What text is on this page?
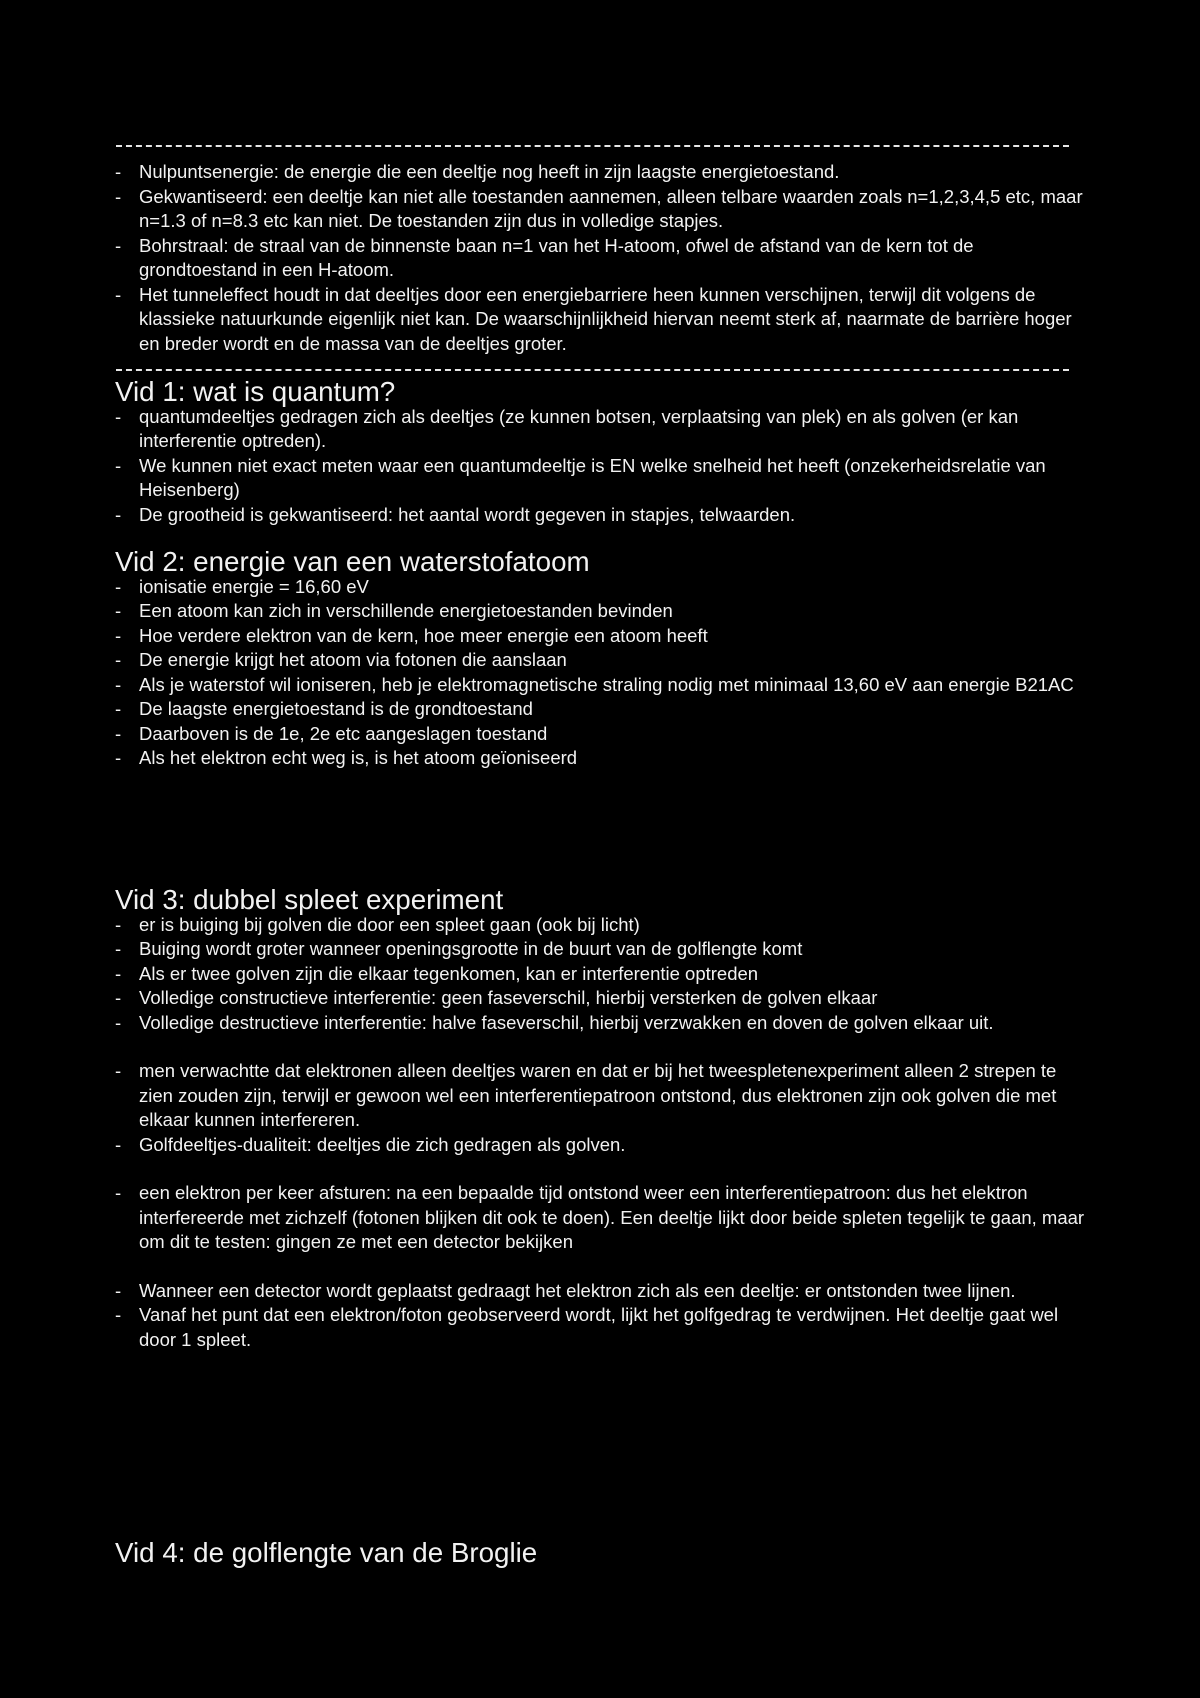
- Nulpuntsenergie: de energie die een deeltje nog heeft in zijn laagste energietoestand.
- Gekwantiseerd: een deeltje kan niet alle toestanden aannemen, alleen telbare waarden zoals n=1,2,3,4,5 etc, maar n=1.3 of n=8.3 etc kan niet. De toestanden zijn dus in volledige stapjes.
- Bohrstraal: de straal van de binnenste baan n=1 van het H-atoom, ofwel de afstand van de kern tot de grondtoestand in een H-atoom.
- Het tunneleffect houdt in dat deeltjes door een energiebarriere heen kunnen verschijnen, terwijl dit volgens de klassieke natuurkunde eigenlijk niet kan. De waarschijnlijkheid hiervan neemt sterk af, naarmate de barrière hoger en breder wordt en de massa van de deeltjes groter.
Vid 1: wat is quantum?
- quantumdeeltjes gedragen zich als deeltjes (ze kunnen botsen, verplaatsing van plek) en als golven (er kan interferentie optreden).
- We kunnen niet exact meten waar een quantumdeeltje is EN welke snelheid het heeft (onzekerheidsrelatie van Heisenberg)
- De grootheid is gekwantiseerd: het aantal wordt gegeven in stapjes, telwaarden.
Vid 2: energie van een waterstofatoom
- ionisatie energie = 16,60 eV
- Een atoom kan zich in verschillende energietoestanden bevinden
- Hoe verdere elektron van de kern, hoe meer energie een atoom heeft
- De energie krijgt het atoom via fotonen die aanslaan
- Als je waterstof wil ioniseren, heb je elektromagnetische straling nodig met minimaal 13,60 eV aan energie B21AC
- De laagste energietoestand is de grondtoestand
- Daarboven is de 1e, 2e etc aangeslagen toestand
- Als het elektron echt weg is, is het atoom geïoniseerd
Vid 3: dubbel spleet experiment
- er is buiging bij golven die door een spleet gaan (ook bij licht)
- Buiging wordt groter wanneer openingsgrootte in de buurt van de golflengte komt
- Als er twee golven zijn die elkaar tegenkomen, kan er interferentie optreden
- Volledige constructieve interferentie: geen faseverschil, hierbij versterken de golven elkaar
- Volledige destructieve interferentie: halve faseverschil, hierbij verzwakken en doven de golven elkaar uit.
- men verwachtte dat elektronen alleen deeltjes waren en dat er bij het tweespletenexperiment alleen 2 strepen te zien zouden zijn, terwijl er gewoon wel een interferentiepatroon ontstond, dus elektronen zijn ook golven die met elkaar kunnen interfereren.
- Golfdeeltjes-dualiteit: deeltjes die zich gedragen als golven.
- een elektron per keer afsturen: na een bepaalde tijd ontstond weer een interferentiepatroon: dus het elektron interfereerde met zichzelf (fotonen blijken dit ook te doen). Een deeltje lijkt door beide spleten tegelijk te gaan, maar om dit te testen: gingen ze met een detector bekijken
- Wanneer een detector wordt geplaatst gedraagt het elektron zich als een deeltje: er ontstonden twee lijnen.
- Vanaf het punt dat een elektron/foton geobserveerd wordt, lijkt het golfgedrag te verdwijnen. Het deeltje gaat wel door 1 spleet.
Vid 4: de golflengte van de Broglie
